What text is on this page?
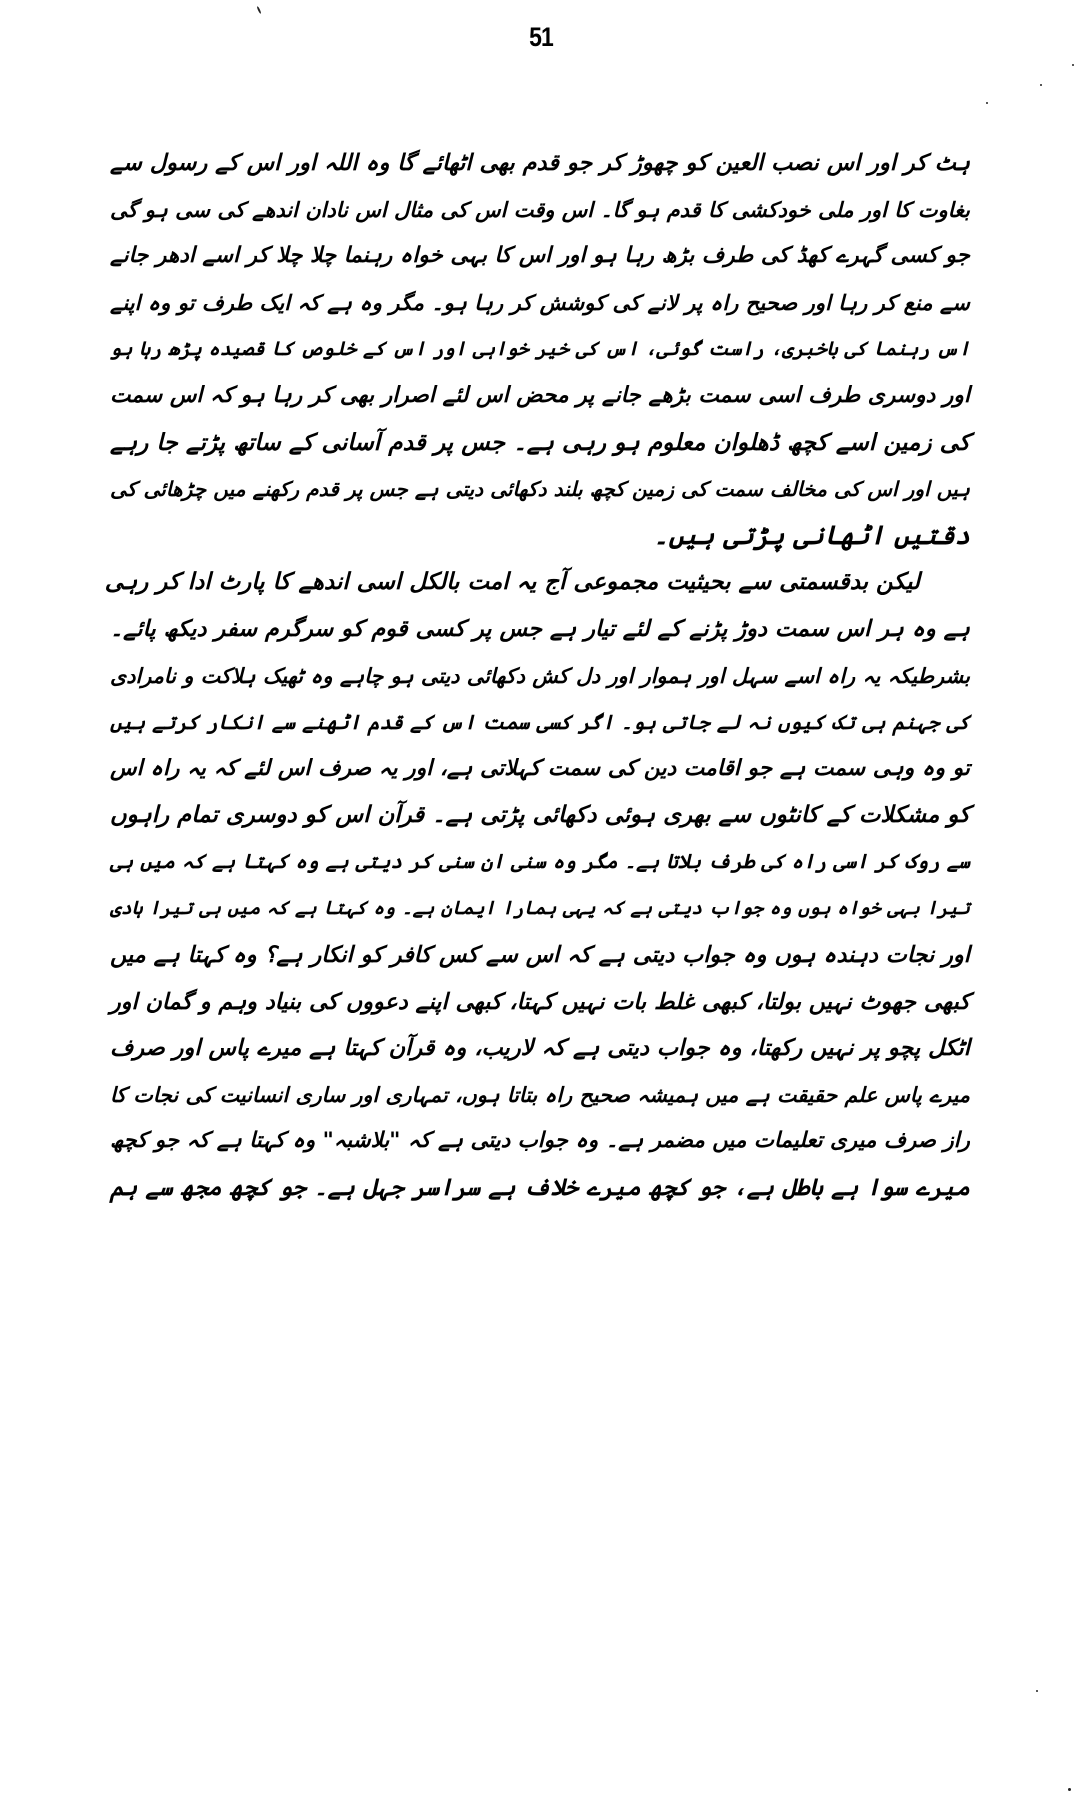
51
ہٹ کر اور اس نصب العین کو چھوڑ کر جو قدم بھی اٹھائے گا وہ اللہ اور اس کے رسول سے
بغاوت کا اور ملی خودکشی کا قدم ہو گا۔ اس وقت اس کی مثال اس نادان اندھے کی سی ہو گی
جو کسی گہرے کھڈ کی طرف بڑھ رہا ہو اور اس کا بہی خواہ رہنما چلا چلا کر اسے ادھر جانے
سے منع کر رہا اور صحیح راہ پر لانے کی کوشش کر رہا ہو۔ مگر وہ ہے کہ ایک طرف تو وہ اپنے
اس رہنما کی باخبری، راست گوئی، اس کی خیر خواہی اور اس کے خلوص کا قصیدہ پڑھ رہا ہو
اور دوسری طرف اسی سمت بڑھے جانے پر محض اس لئے اصرار بھی کر رہا ہو کہ اس سمت
کی زمین اسے کچھ ڈھلوان معلوم ہو رہی ہے۔ جس پر قدم آسانی کے ساتھ پڑتے جا رہے
ہیں اور اس کی مخالف سمت کی زمین کچھ بلند دکھائی دیتی ہے جس پر قدم رکھنے میں چڑھائی کی
دقتیں اٹھانی پڑتی ہیں۔
لیکن بدقسمتی سے بحیثیت مجموعی آج یہ امت بالکل اسی اندھے کا پارٹ ادا کر رہی
ہے وہ ہر اس سمت دوڑ پڑنے کے لئے تیار ہے جس پر کسی قوم کو سرگرم سفر دیکھ پائے۔
بشرطیکہ یہ راہ اسے سہل اور ہموار اور دل کش دکھائی دیتی ہو چاہے وہ ٹھیک ہلاکت و نامرادی
کی جہنم ہی تک کیوں نہ لے جاتی ہو۔ اگر کسی سمت اس کے قدم اٹھنے سے انکار کرتے ہیں
تو وہ وہی سمت ہے جو اقامت دین کی سمت کہلاتی ہے، اور یہ صرف اس لئے کہ یہ راہ اس
کو مشکلات کے کانٹوں سے بھری ہوئی دکھائی پڑتی ہے۔ قرآن اس کو دوسری تمام راہوں
سے روک کر اسی راہ کی طرف بلاتا ہے۔ مگر وہ سنی ان سنی کر دیتی ہے وہ کہتا ہے کہ میں ہی
تیرا بہی خواہ ہوں وہ جواب دیتی ہے کہ یہی ہمارا ایمان ہے۔ وہ کہتا ہے کہ میں ہی تیرا ہادی
اور نجات دہندہ ہوں وہ جواب دیتی ہے کہ اس سے کس کافر کو انکار ہے؟ وہ کہتا ہے میں
کبھی جھوٹ نہیں بولتا، کبھی غلط بات نہیں کہتا، کبھی اپنے دعووں کی بنیاد وہم و گمان اور
اٹکل پچو پر نہیں رکھتا، وہ جواب دیتی ہے کہ لاریب، وہ قرآن کہتا ہے میرے پاس اور صرف
میرے پاس علم حقیقت ہے میں ہمیشہ صحیح راہ بتاتا ہوں، تمہاری اور ساری انسانیت کی نجات کا
راز صرف میری تعلیمات میں مضمر ہے۔ وہ جواب دیتی ہے کہ "بلاشبہ" وہ کہتا ہے کہ جو کچھ
میرے سوا ہے باطل ہے، جو کچھ میرے خلاف ہے سراسر جہل ہے۔ جو کچھ مجھ سے ہم
